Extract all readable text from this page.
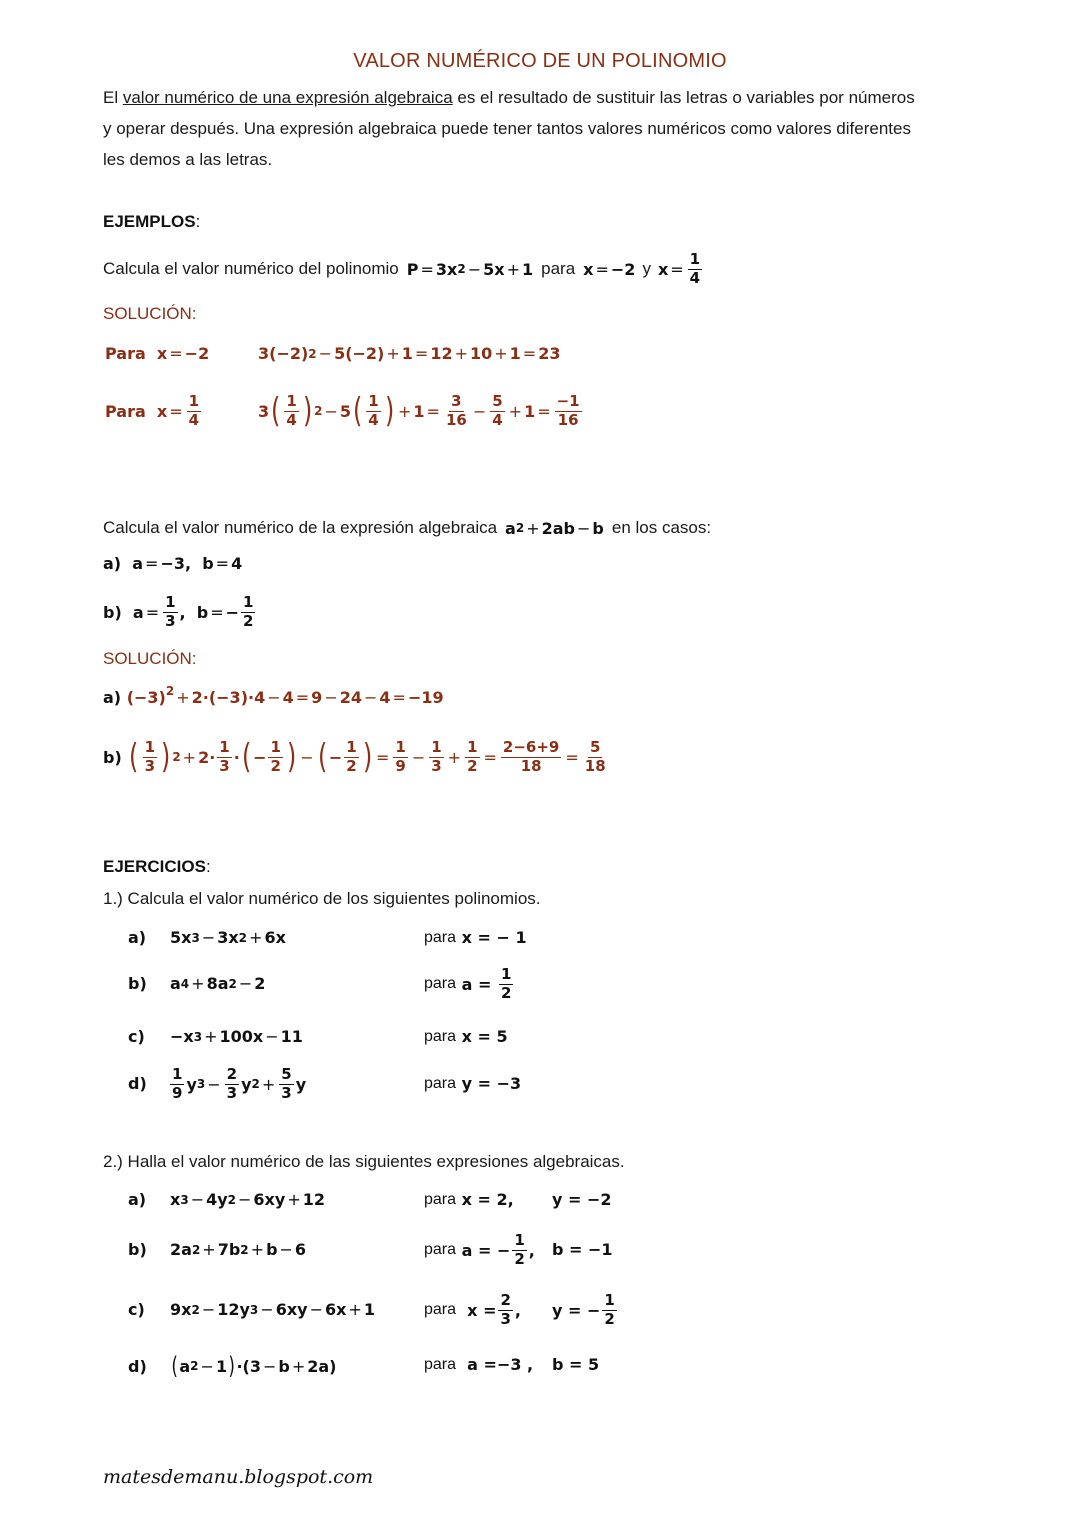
VALOR NUMÉRICO DE UN POLINOMIO
El valor numérico de una expresión algebraica es el resultado de sustituir las letras o variables por números
y operar después. Una expresión algebraica puede tener tantos valores numéricos como valores diferentes
les demos a las letras.
EJEMPLOS:
Calcula el valor numérico del polinomio P = 3x 2 − 5x + 1 para x = −2 y $x = \frac{1}{4}$
SOLUCIÓN:
Para  x = −2	3(−2) 2 − 5(−2) + 1 = 12 + 10 + 1 = 23
Para  $x = \frac{1}{4}$	3 ( 1
4 ) 2 − 5 ( 1
4 ) + $1 = \frac{3}{16} - \frac{5}{4} + 1 = \frac{-1}{16}$
Calcula el valor numérico de la expresión algebraica a 2 + 2ab − b en los casos:
a)  a = −3,  b = 4
b)  $a = \frac{1}{3}$ ,  b = − $\frac{1}{2}$
SOLUCIÓN:
a) $(-3)^2 + 2\cdot(-3)\cdot 4 - 4 = 9 - 24 - 4 = -19$
b) ( 1
3 ) $2 + 2\cdot \frac{1}{3}$ · ( −
1
2 ) − ( −
1
2 ) = $\frac{1}{9} - \frac{1}{3} + \frac{1}{2} = \frac{2-6+9}{18} = \frac{5}{18}$
EJERCICIOS:
1.) Calcula el valor numérico de los siguientes polinomios.
a) 5x 3 − 3x 2 + 6x	para x = − 1
b) a 4 + 8a 2 − 2	para a =
1
2
c) −x 3 + 100x − 11	para x = 5
d)
1
9 y $3 - \frac{2}{3}$ y $2 + \frac{5}{3}$ y	para y = −3
2.) Halla el valor numérico de las siguientes expresiones algebraicas.
a) x 3 − 4y 2 − 6xy + 12	para x = 2, y = −2
b) 2a 2 + 7b 2 + b − 6	para a = −
1
2 , b = −1
c) 9x 2 − 12y 3 − 6xy − 6x + 1	para x =
2
3 , y = −
1
2
d) ( a 2 − 1 ) ·(3 − b + 2a)	para a =−3 , b = 5
matesdemanu.blogspot.com
